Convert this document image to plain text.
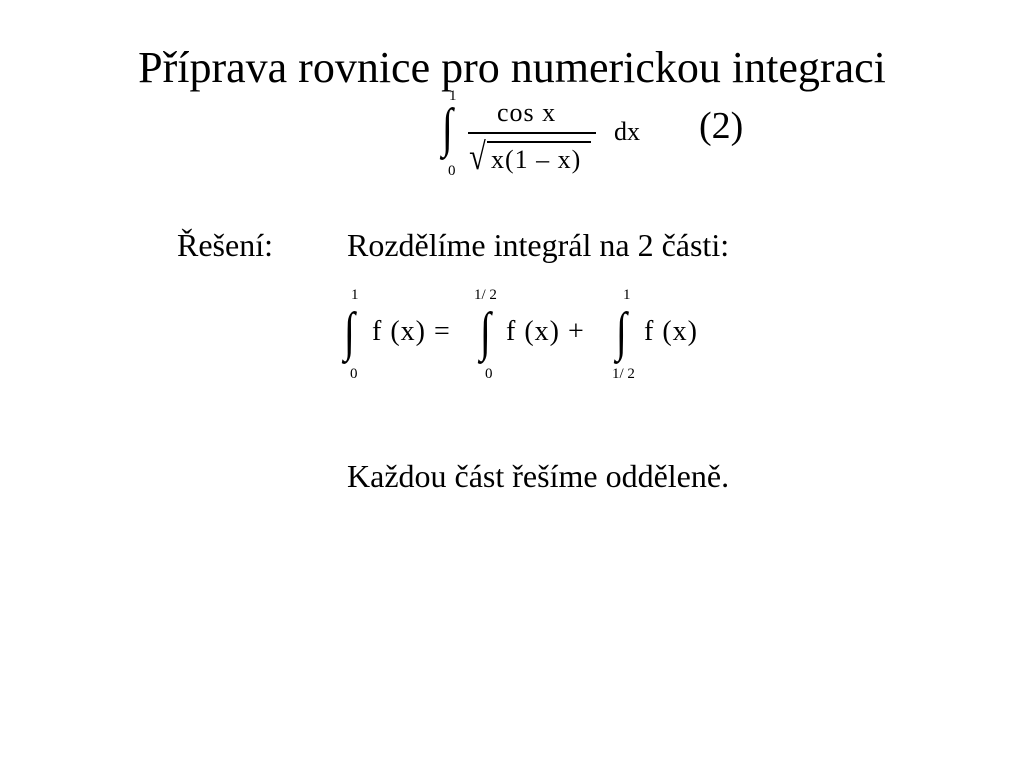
Příprava rovnice pro numerickou integraci
1
∫
0
cos x
√ x(1 – x)
dx (2)
Řešení: Rozdělíme integrál na 2 části:
1
∫
0
f (x) =
1/ 2
∫
0
f (x) +
1
∫
1/ 2
f (x)
Každou část řešíme odděleně.
